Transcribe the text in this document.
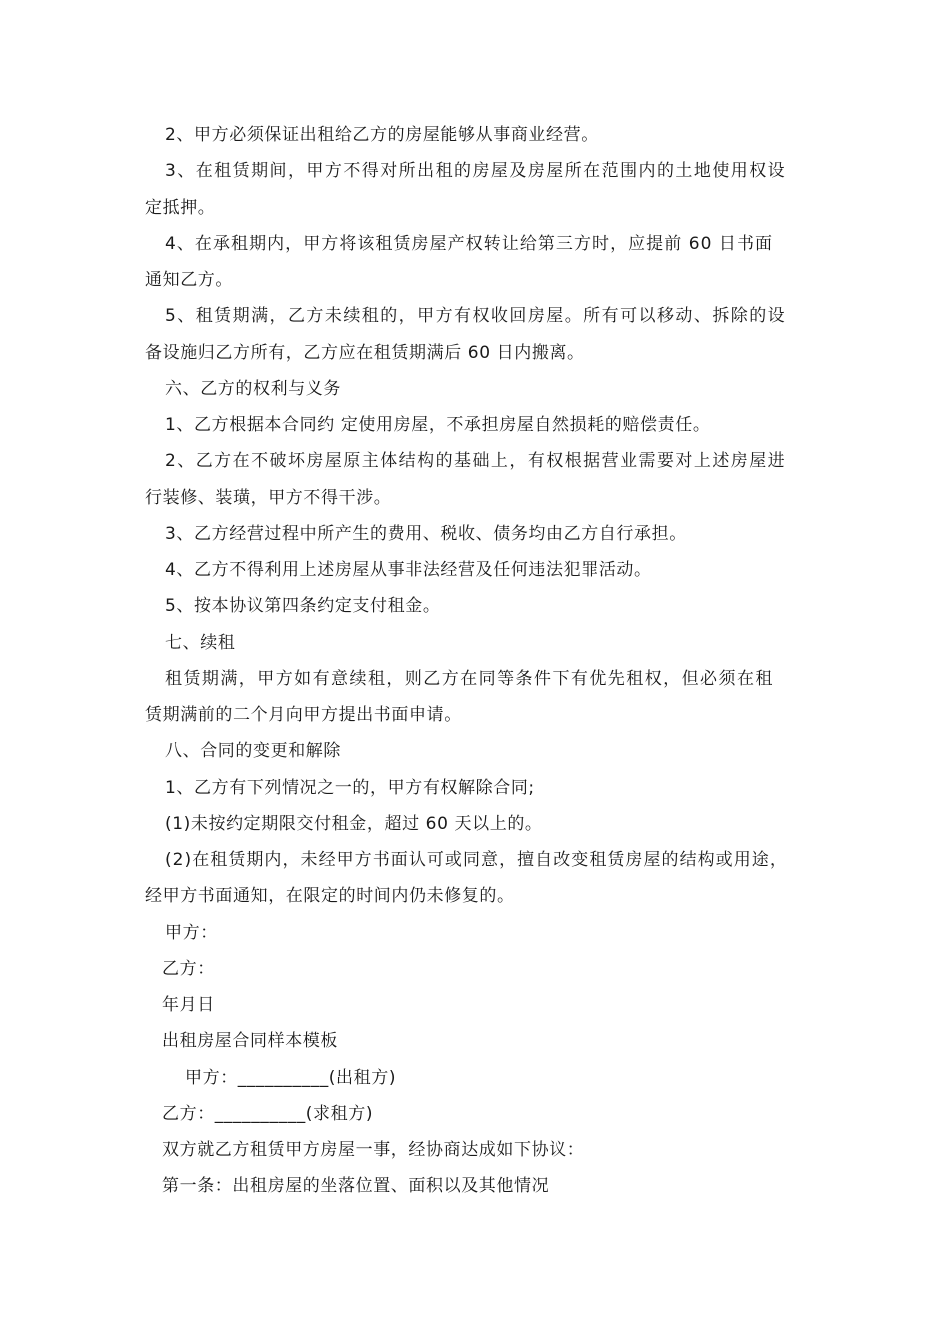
2、甲方必须保证出租给乙方的房屋能够从事商业经营。
3、在租赁期间，甲方不得对所出租的房屋及房屋所在范围内的土地使用权设
定抵押。
4、在承租期内，甲方将该租赁房屋产权转让给第三方时，应提前 60 日书面
通知乙方。
5、租赁期满，乙方未续租的，甲方有权收回房屋。所有可以移动、拆除的设
备设施归乙方所有，乙方应在租赁期满后 60 日内搬离。
六、乙方的权利与义务
1、乙方根据本合同约 定使用房屋，不承担房屋自然损耗的赔偿责任。
2、乙方在不破坏房屋原主体结构的基础上，有权根据营业需要对上述房屋进
行装修、装璜，甲方不得干涉。
3、乙方经营过程中所产生的费用、税收、债务均由乙方自行承担。
4、乙方不得利用上述房屋从事非法经营及任何违法犯罪活动。
5、按本协议第四条约定支付租金。
七、续租
租赁期满，甲方如有意续租，则乙方在同等条件下有优先租权，但必须在租
赁期满前的二个月向甲方提出书面申请。
八、合同的变更和解除
1、乙方有下列情况之一的，甲方有权解除合同;
(1)未按约定期限交付租金，超过 60 天以上的。
(2)在租赁期内，未经甲方书面认可或同意，擅自改变租赁房屋的结构或用途，
经甲方书面通知，在限定的时间内仍未修复的。
甲方：
乙方：
年月日
出租房屋合同样本模板
甲方：__________(出租方)
乙方：__________(求租方)
双方就乙方租赁甲方房屋一事，经协商达成如下协议：
第一条：出租房屋的坐落位置、面积以及其他情况
